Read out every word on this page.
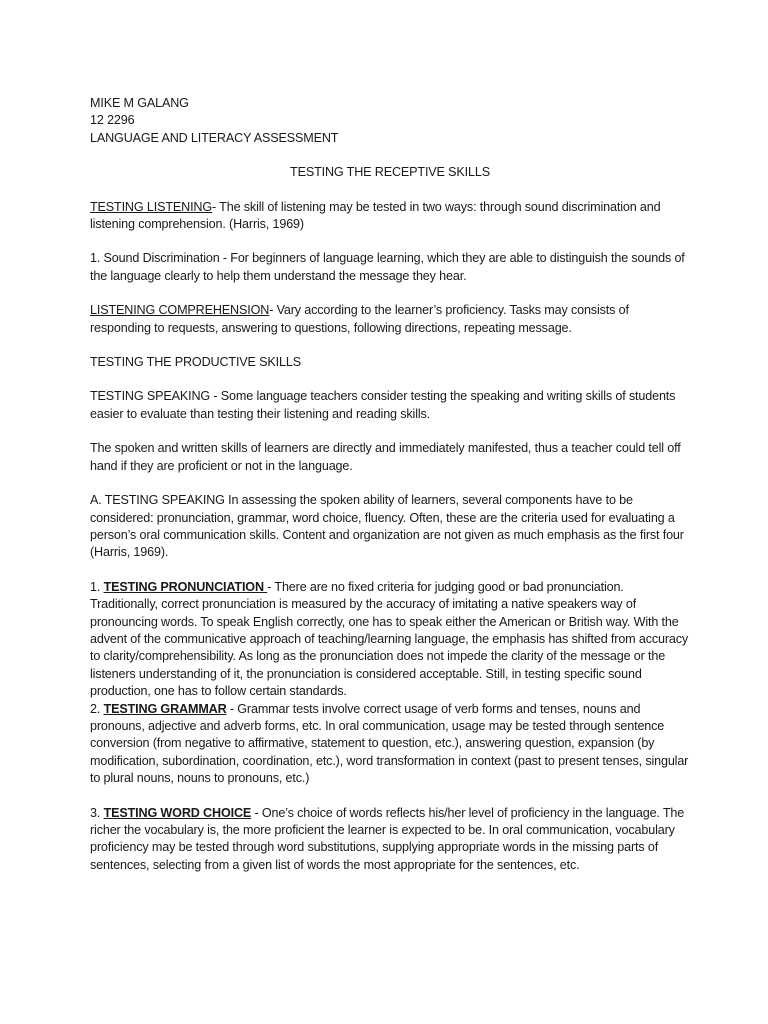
MIKE M GALANG

12 2296

LANGUAGE AND LITERACY ASSESSMENT

TESTING THE RECEPTIVE SKILLS

TESTING LISTENING- The skill of listening may be tested in two ways: through sound discrimination and listening comprehension. (Harris, 1969)

1. Sound Discrimination - For beginners of language learning, which they are able to distinguish the sounds of the language clearly to help them understand the message they hear.

LISTENING COMPREHENSION- Vary according to the learner’s proficiency. Tasks may consists of responding to requests, answering to questions, following directions, repeating message.

TESTING THE PRODUCTIVE SKILLS

TESTING SPEAKING - Some language teachers consider testing the speaking and writing skills of students easier to evaluate than testing their listening and reading skills.

The spoken and written skills of learners are directly and immediately manifested, thus a teacher could tell off hand if they are proficient or not in the language.

A. TESTING SPEAKING In assessing the spoken ability of learners, several components have to be considered: pronunciation, grammar, word choice, fluency. Often, these are the criteria used for evaluating a person’s oral communication skills. Content and organization are not given as much emphasis as the first four (Harris, 1969).

1. TESTING PRONUNCIATION - There are no fixed criteria for judging good or bad pronunciation. Traditionally, correct pronunciation is measured by the accuracy of imitating a native speakers way of pronouncing words. To speak English correctly, one has to speak either the American or British way. With the advent of the communicative approach of teaching/learning language, the emphasis has shifted from accuracy to clarity/comprehensibility. As long as the pronunciation does not impede the clarity of the message or the listeners understanding of it, the pronunciation is considered acceptable. Still, in testing specific sound production, one has to follow certain standards.

2. TESTING GRAMMAR - Grammar tests involve correct usage of verb forms and tenses, nouns and pronouns, adjective and adverb forms, etc. In oral communication, usage may be tested through sentence conversion (from negative to affirmative, statement to question, etc.), answering question, expansion (by modification, subordination, coordination, etc.), word transformation in context (past to present tenses, singular to plural nouns, nouns to pronouns, etc.)

3. TESTING WORD CHOICE - One’s choice of words reflects his/her level of proficiency in the language. The richer the vocabulary is, the more proficient the learner is expected to be. In oral communication, vocabulary proficiency may be tested through word substitutions, supplying appropriate words in the missing parts of sentences, selecting from a given list of words the most appropriate for the sentences, etc.
